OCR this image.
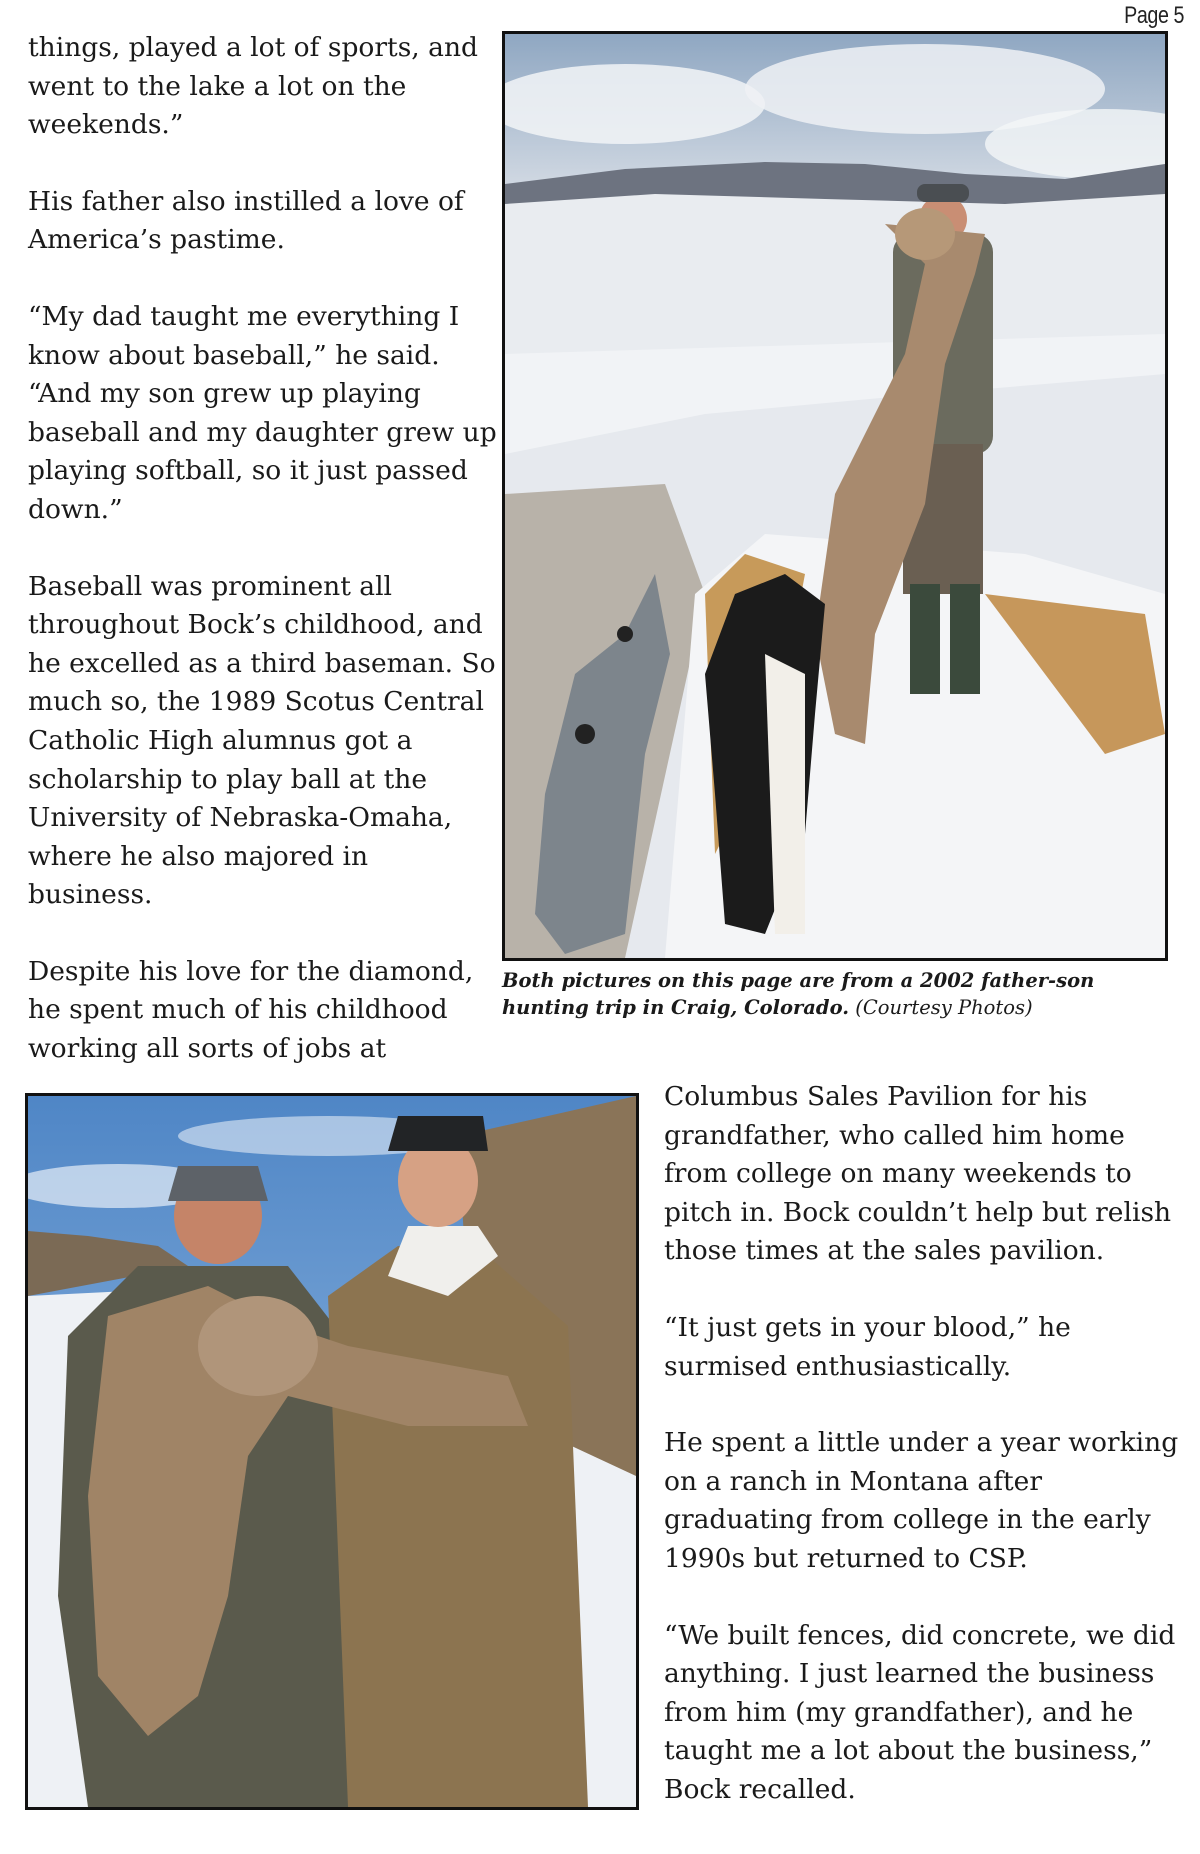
Page 5

things, played a lot of sports, and went to the lake a lot on the weekends.”

His father also instilled a love of America’s pastime.

“My dad taught me everything I know about baseball,” he said. “And my son grew up playing baseball and my daughter grew up playing softball, so it just passed down.”

Baseball was prominent all throughout Bock’s childhood, and he excelled as a third baseman. So much so, the 1989 Scotus Central Catholic High alumnus got a scholarship to play ball at the University of Nebraska-Omaha, where he also majored in business.

Despite his love for the diamond, he spent much of his childhood working all sorts of jobs at

Both pictures on this page are from a 2002 father-son hunting trip in Craig, Colorado. (Courtesy Photos)

Columbus Sales Pavilion for his grandfather, who called him home from college on many weekends to pitch in. Bock couldn’t help but relish those times at the sales pavilion.

“It just gets in your blood,” he surmised enthusiastically.

He spent a little under a year working on a ranch in Montana after graduating from college in the early 1990s but returned to CSP.

“We built fences, did concrete, we did anything. I just learned the business from him (my grandfather), and he taught me a lot about the business,” Bock recalled.
